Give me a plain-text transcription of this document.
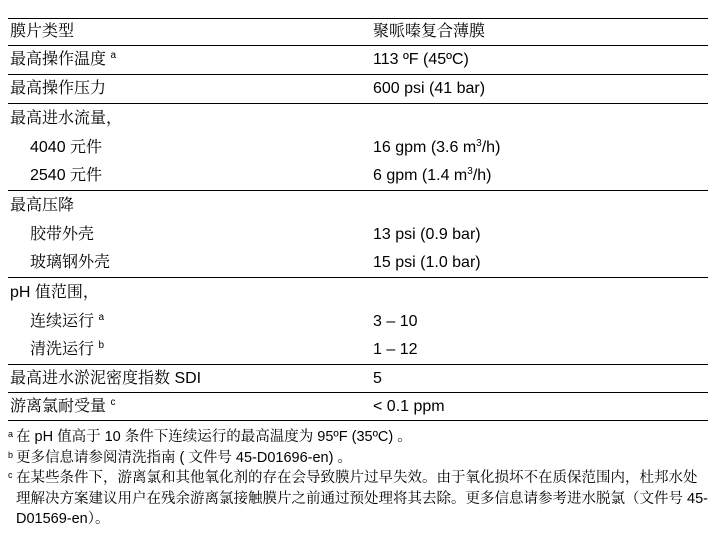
膜片类型	聚哌嗪复合薄膜
最高操作温度 $^a$	113 ºF (45ºC)
最高操作压力	600 psi (41 bar)
最高进水流量，
4040 元件	16 gpm (3.6 $m^3/h$)
2540 元件	6 gpm (1.4 $m^3/h$)
最高压降
胶带外壳	13 psi (0.9 bar)
玻璃钢外壳	15 psi (1.0 bar)
pH 值范围，
连续运行 $^a$	3 – 10
清洗运行 $^b$	1 – 12
最高进水淤泥密度指数 SDI	5
游离氯耐受量 $^c$	< 0.1 ppm
a 在 pH 值高于 10 条件下连续运行的最高温度为 95ºF (35ºC) 。
b 更多信息请参阅清洗指南 ( 文件号 45-D01696-en) 。
c 在某些条件下，游离氯和其他氧化剂的存在会导致膜片过早失效。由于氧化损坏不在质保范围内，杜邦水处理解决方案建议用户在残余游离氯接触膜片之前通过预处理将其去除。更多信息请参考进水脱氯（文件号 45-D01569-en）。
